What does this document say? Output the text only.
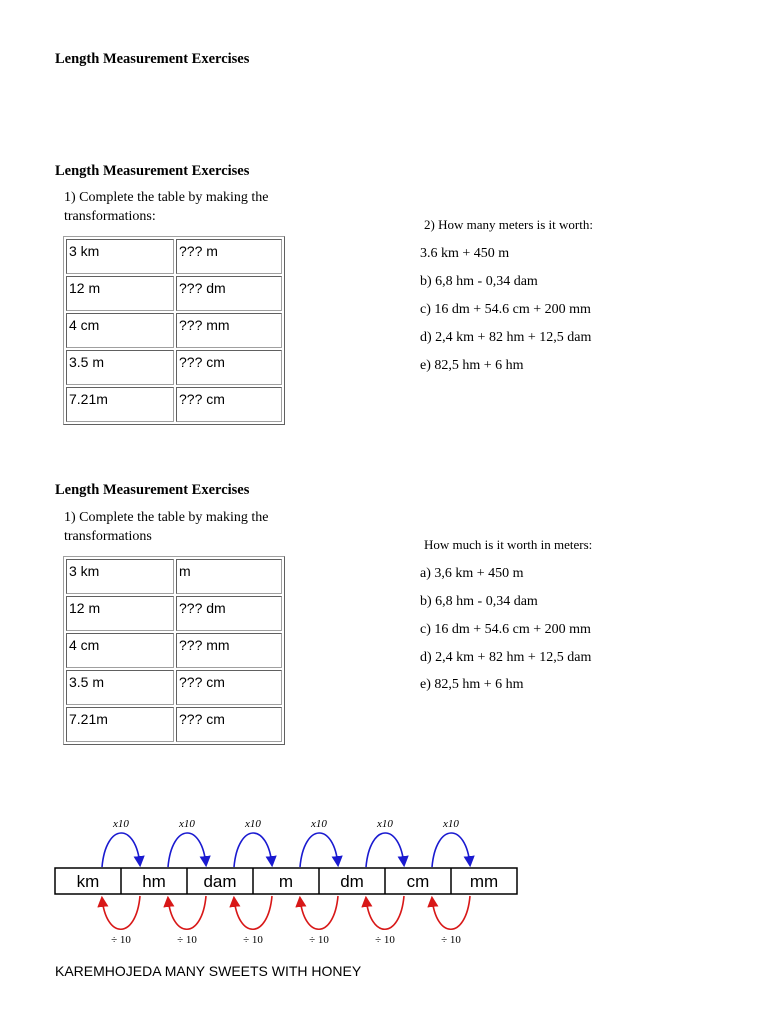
Length Measurement Exercises
Length Measurement Exercises
1) Complete the table by making the transformations:
3 km	??? m
12 m	??? dm
4 cm	??? mm
3.5 m	??? cm
7.21m	??? cm
2) How many meters is it worth:
3.6 km + 450 m
b) 6,8 hm - 0,34 dam
c) 16 dm + 54.6 cm + 200 mm
d) 2,4 km + 82 hm + 12,5 dam
e) 82,5 hm + 6 hm
Length Measurement Exercises
1) Complete the table by making the transformations
3 km	m
12 m	??? dm
4 cm	??? mm
3.5 m	??? cm
7.21m	??? cm
How much is it worth in meters:
a) 3,6 km + 450 m
b) 6,8 hm - 0,34 dam
c) 16 dm + 54.6 cm + 200 mm
d) 2,4 km + 82 hm + 12,5 dam
e) 82,5 hm + 6 hm
km	hm dam m	dm	cm mm
x10	x10	x10	x10	x10	x10
÷ 10	÷ 10	÷ 10	÷ 10	÷ 10	÷ 10
KAREMHOJEDA MANY SWEETS WITH HONEY
